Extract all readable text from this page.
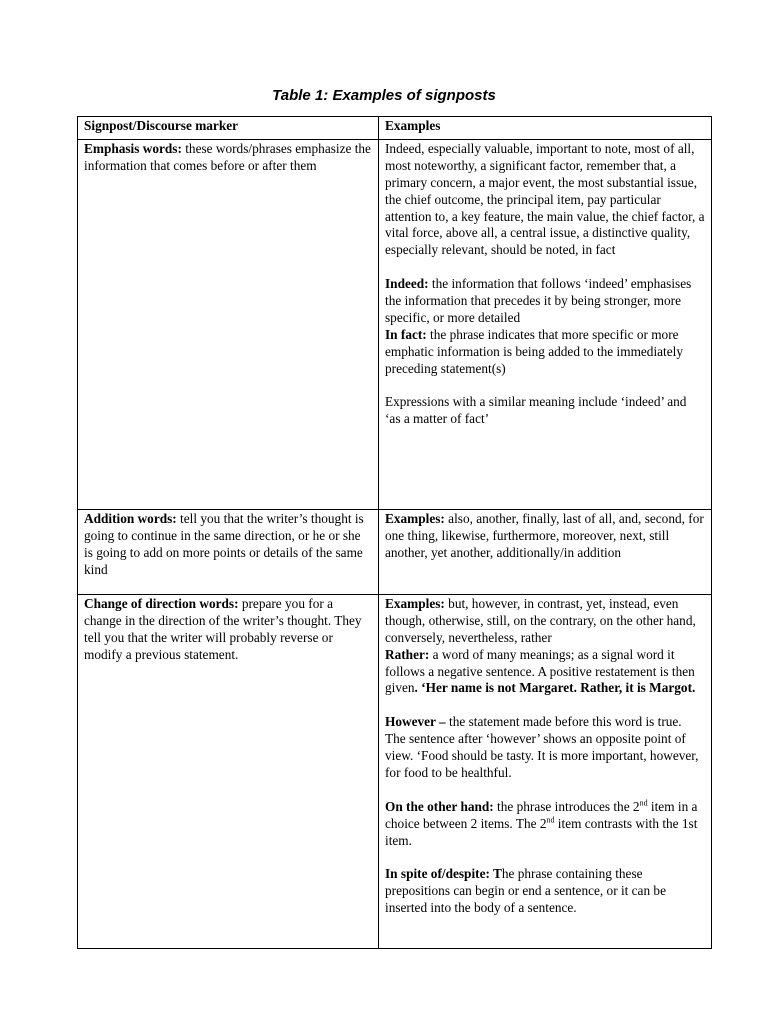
Table 1: Examples of signposts
Signpost/Discourse marker	Examples
Emphasis words: these words/phrases emphasize the information that comes before or after them	Indeed, especially valuable, important to note, most of all, most noteworthy, a significant factor, remember that, a primary concern, a major event, the most substantial issue, the chief outcome, the principal item, pay particular attention to, a key feature, the main value, the chief factor, a vital force, above all, a central issue, a distinctive quality, especially relevant, should be noted, in fact
Indeed: the information that follows ‘indeed’ emphasises the information that precedes it by being stronger, more specific, or more detailed
In fact: the phrase indicates that more specific or more emphatic information is being added to the immediately preceding statement(s)
Expressions with a similar meaning include ‘indeed’ and ‘as a matter of fact’
Addition words: tell you that the writer’s thought is going to continue in the same direction, or he or she is going to add on more points or details of the same kind	Examples: also, another, finally, last of all, and, second, for one thing, likewise, furthermore, moreover, next, still another, yet another, additionally/in addition
Change of direction words: prepare you for a change in the direction of the writer’s thought. They tell you that the writer will probably reverse or modify a previous statement.	Examples: but, however, in contrast, yet, instead, even though, otherwise, still, on the contrary, on the other hand, conversely, nevertheless, rather
Rather: a word of many meanings; as a signal word it follows a negative sentence. A positive restatement is then given. ‘Her name is not Margaret. Rather, it is Margot.
However – the statement made before this word is true. The sentence after ‘however’ shows an opposite point of view. ‘Food should be tasty. It is more important, however, for food to be healthful.
On the other hand: the phrase introduces the 2nd item in a choice between 2 items. The 2nd item contrasts with the 1st item.
In spite of/despite: The phrase containing these prepositions can begin or end a sentence, or it can be inserted into the body of a sentence.
